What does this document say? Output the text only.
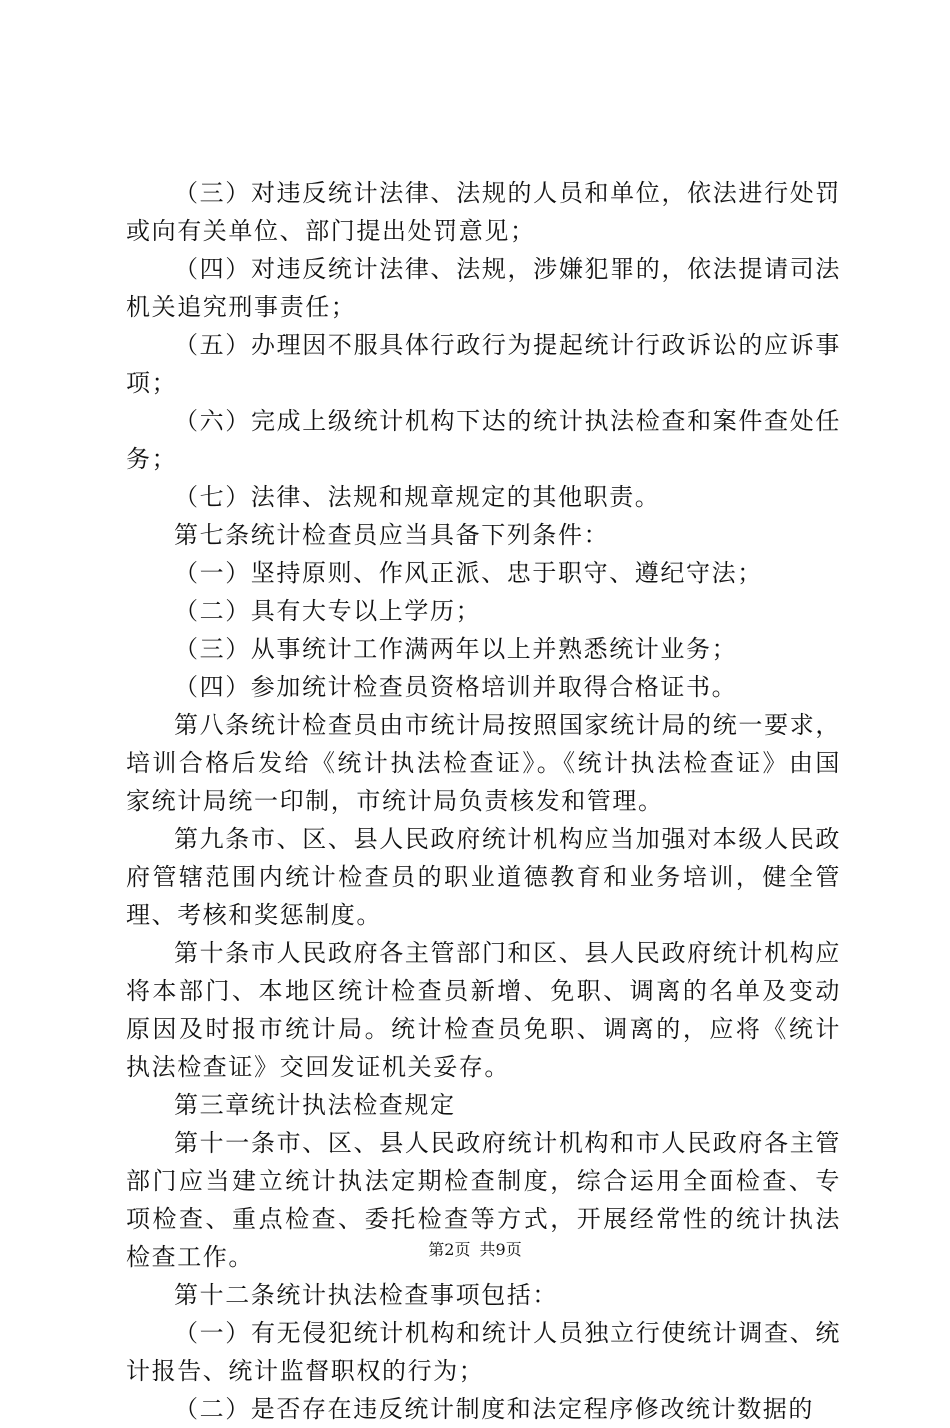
（三）对违反统计法律、法规的人员和单位，依法进行处罚或向有关单位、部门提出处罚意见；

（四）对违反统计法律、法规，涉嫌犯罪的，依法提请司法机关追究刑事责任；

（五）办理因不服具体行政行为提起统计行政诉讼的应诉事项；

（六）完成上级统计机构下达的统计执法检查和案件查处任务；

（七）法律、法规和规章规定的其他职责。

第七条统计检查员应当具备下列条件：

（一）坚持原则、作风正派、忠于职守、遵纪守法；

（二）具有大专以上学历；

（三）从事统计工作满两年以上并熟悉统计业务；

（四）参加统计检查员资格培训并取得合格证书。

第八条统计检查员由市统计局按照国家统计局的统一要求，培训合格后发给《统计执法检查证》。《统计执法检查证》由国家统计局统一印制，市统计局负责核发和管理。

第九条市、区、县人民政府统计机构应当加强对本级人民政府管辖范围内统计检查员的职业道德教育和业务培训，健全管理、考核和奖惩制度。

第十条市人民政府各主管部门和区、县人民政府统计机构应将本部门、本地区统计检查员新增、免职、调离的名单及变动原因及时报市统计局。统计检查员免职、调离的，应将《统计执法检查证》交回发证机关妥存。

第三章统计执法检查规定

第十一条市、区、县人民政府统计机构和市人民政府各主管部门应当建立统计执法定期检查制度，综合运用全面检查、专项检查、重点检查、委托检查等方式，开展经常性的统计执法检查工作。

第十二条统计执法检查事项包括：

（一）有无侵犯统计机构和统计人员独立行使统计调查、统计报告、统计监督职权的行为；

（二）是否存在违反统计制度和法定程序修改统计数据的

第2页 共9页
